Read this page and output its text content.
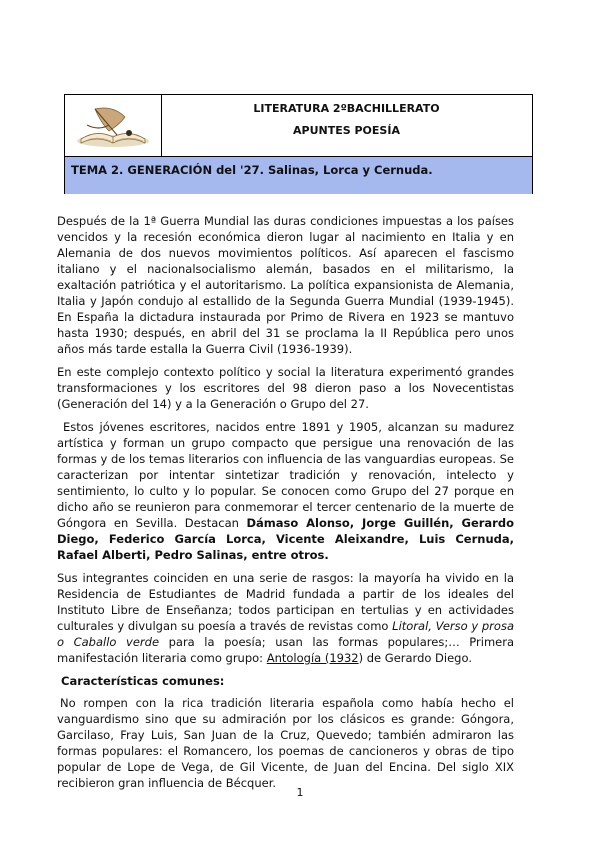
LITERATURA 2ºBACHILLERATO
APUNTES POESÍA
TEMA 2. GENERACIÓN del '27. Salinas, Lorca y Cernuda.

Después de la 1ª Guerra Mundial las duras condiciones impuestas a los países vencidos y la recesión económica dieron lugar al nacimiento en Italia y en Alemania de dos nuevos movimientos políticos. Así aparecen el fascismo italiano y el nacionalsocialismo alemán, basados en el militarismo, la exaltación patriótica y el autoritarismo. La política expansionista de Alemania, Italia y Japón condujo al estallido de la Segunda Guerra Mundial (1939-1945). En España la dictadura instaurada por Primo de Rivera en 1923 se mantuvo hasta 1930; después, en abril del 31 se proclama la II República pero unos años más tarde estalla la Guerra Civil (1936-1939).

En este complejo contexto político y social la literatura experimentó grandes transformaciones y los escritores del 98 dieron paso a los Novecentistas (Generación del 14) y a la Generación o Grupo del 27.

Estos jóvenes escritores, nacidos entre 1891 y 1905, alcanzan su madurez artística y forman un grupo compacto que persigue una renovación de las formas y de los temas literarios con influencia de las vanguardias europeas. Se caracterizan por intentar sintetizar tradición y renovación, intelecto y sentimiento, lo culto y lo popular. Se conocen como Grupo del 27 porque en dicho año se reunieron para conmemorar el tercer centenario de la muerte de Góngora en Sevilla. Destacan Dámaso Alonso, Jorge Guillén, Gerardo Diego, Federico García Lorca, Vicente Aleixandre, Luis Cernuda, Rafael Alberti, Pedro Salinas, entre otros.

Sus integrantes coinciden en una serie de rasgos: la mayoría ha vivido en la Residencia de Estudiantes de Madrid fundada a partir de los ideales del Instituto Libre de Enseñanza; todos participan en tertulias y en actividades culturales y divulgan su poesía a través de revistas como Litoral, Verso y prosa o Caballo verde para la poesía; usan las formas populares;… Primera manifestación literaria como grupo: Antología (1932) de Gerardo Diego.

Características comunes:

No rompen con la rica tradición literaria española como había hecho el vanguardismo sino que su admiración por los clásicos es grande: Góngora, Garcilaso, Fray Luis, San Juan de la Cruz, Quevedo; también admiraron las formas populares: el Romancero, los poemas de cancioneros y obras de tipo popular de Lope de Vega, de Gil Vicente, de Juan del Encina. Del siglo XIX recibieron gran influencia de Bécquer.

1
